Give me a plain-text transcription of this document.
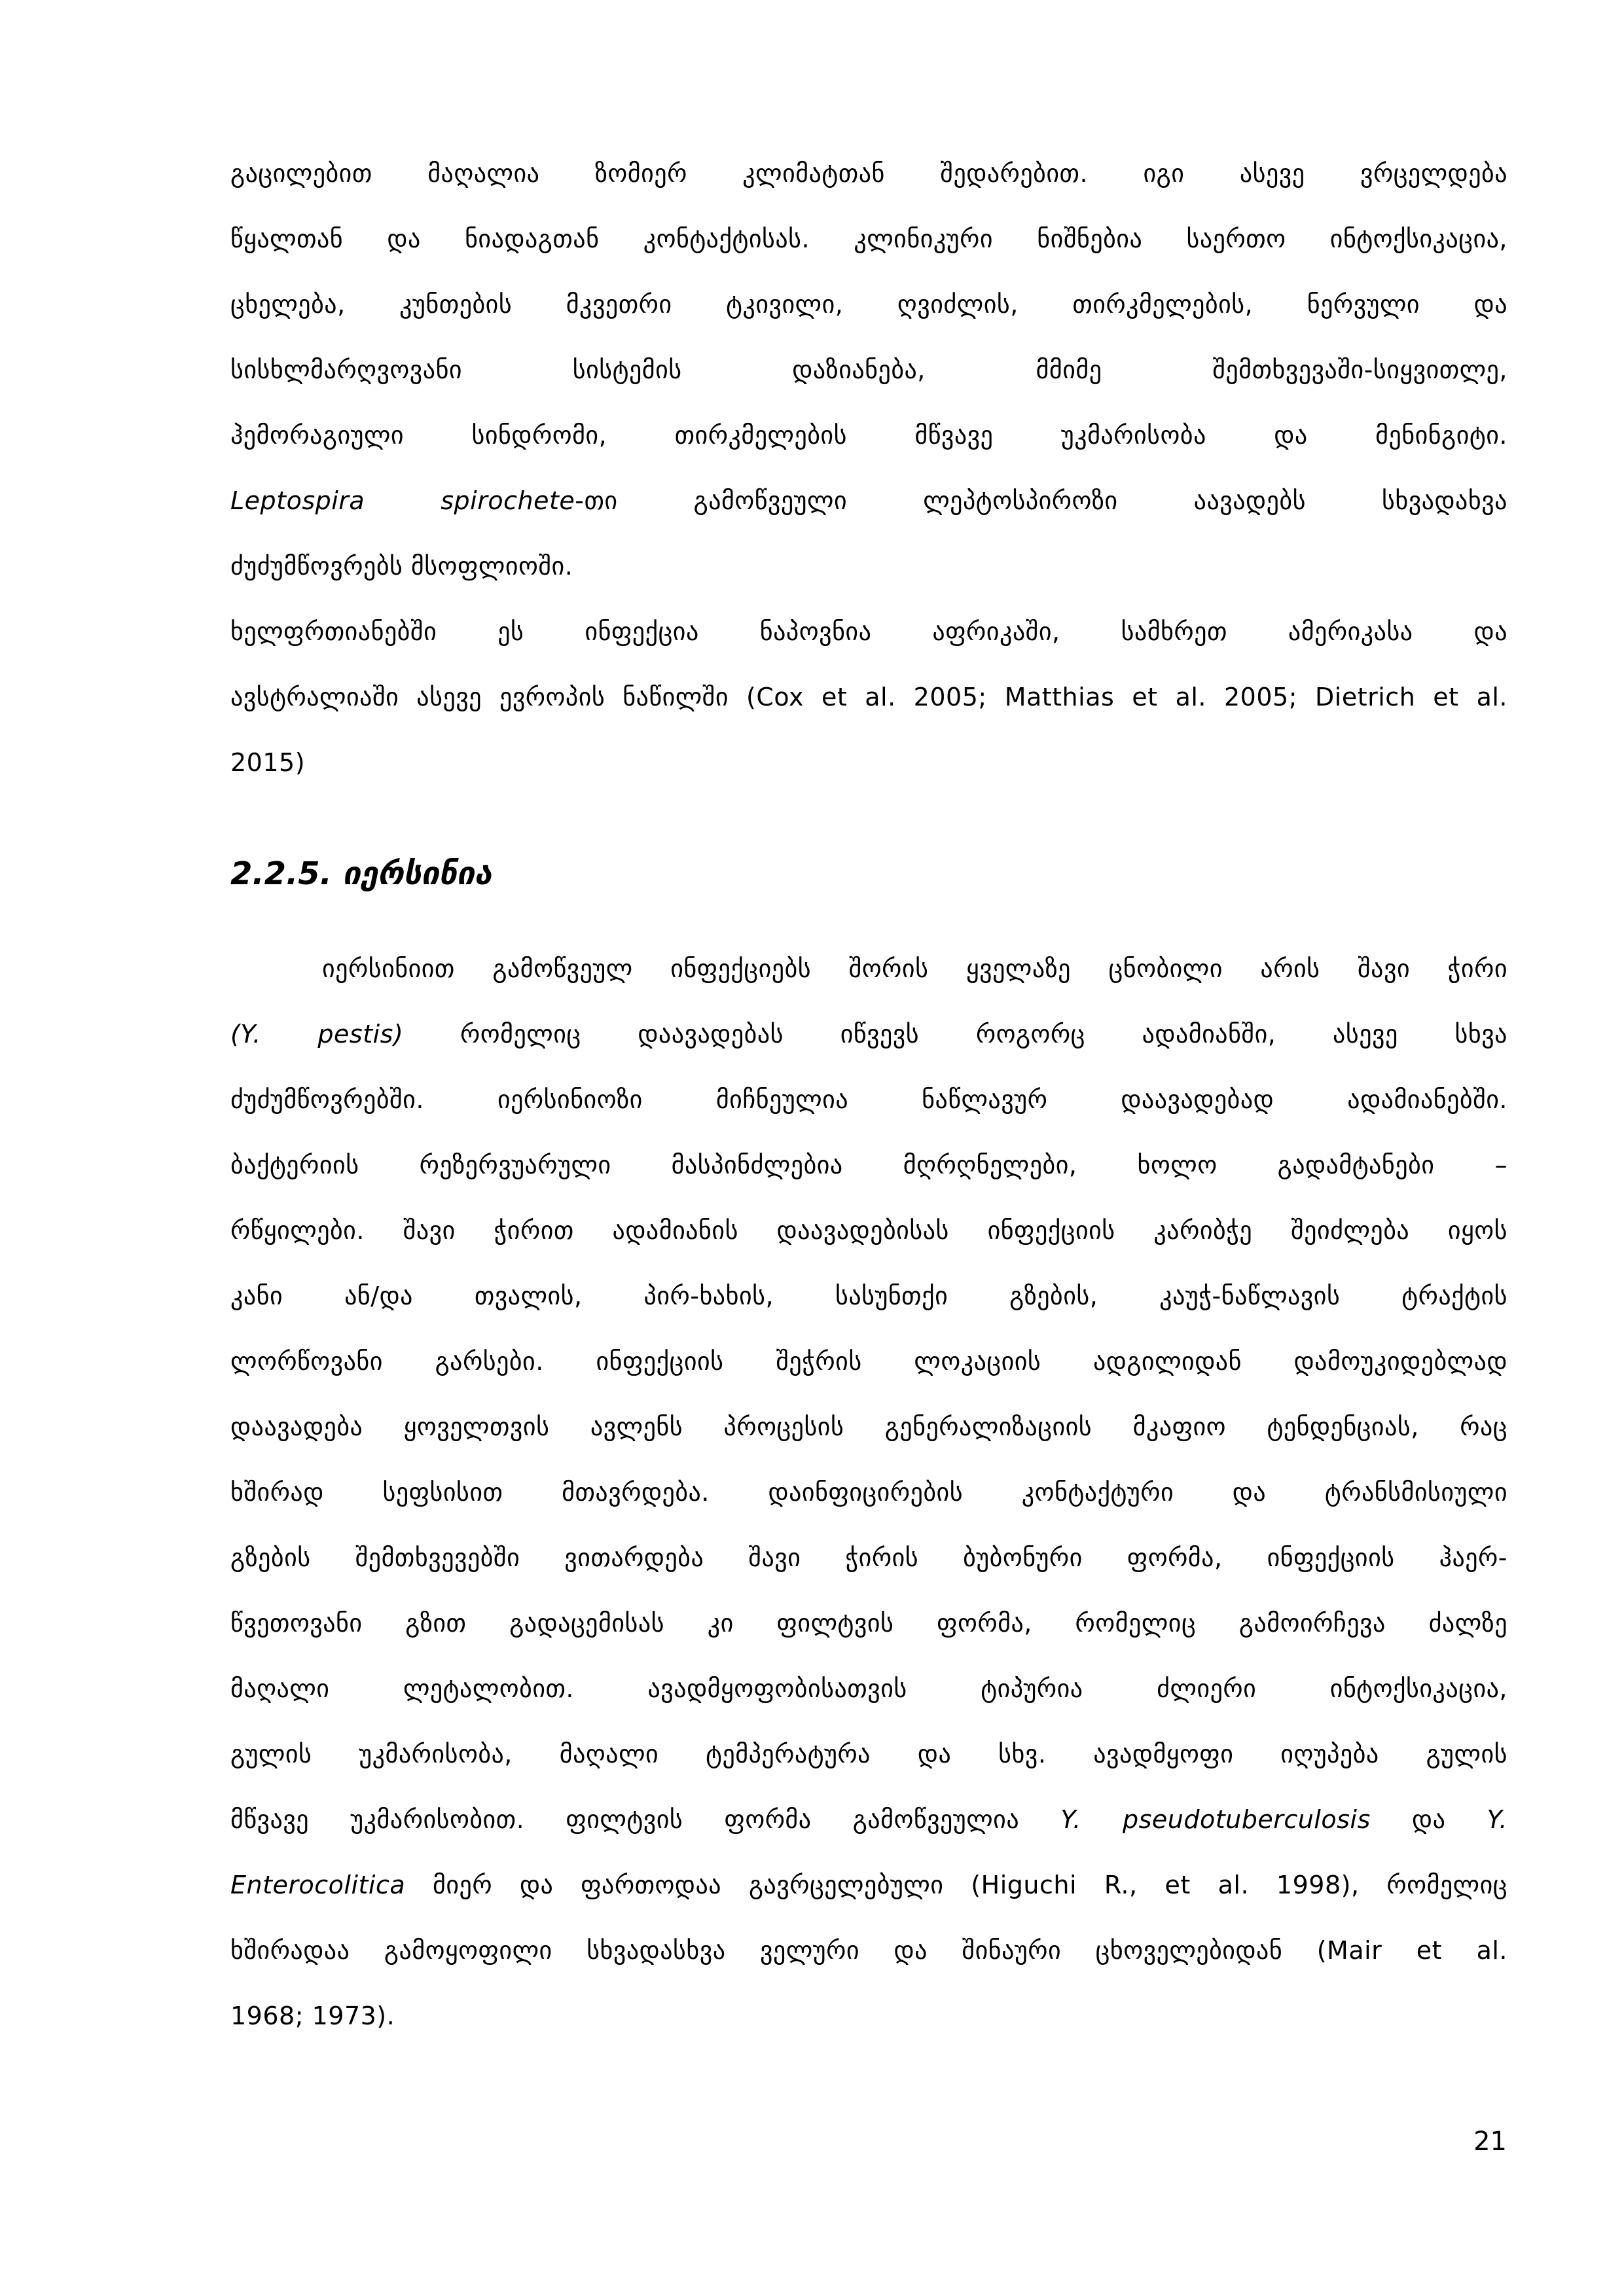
გაცილებით მაღალია ზომიერ კლიმატთან შედარებით. იგი ასევე ვრცელდება
წყალთან და ნიადაგთან კონტაქტისას. კლინიკური ნიშნებია საერთო ინტოქსიკაცია,
ცხელება, კუნთების მკვეთრი ტკივილი, ღვიძლის, თირკმელების, ნერვული და
სისხლმარღვოვანი სისტემის დაზიანება, მმიმე შემთხვევაში-სიყვითლე,
ჰემორაგიული სინდრომი, თირკმელების მწვავე უკმარისობა და მენინგიტი.
Leptospira spirochete-თი გამოწვეული ლეპტოსპიროზი აავადებს სხვადახვა
ძუძუმწოვრებს მსოფლიოში.
ხელფრთიანებში ეს ინფექცია ნაპოვნია აფრიკაში, სამხრეთ ამერიკასა და
ავსტრალიაში ასევე ევროპის ნაწილში (Cox et al. 2005; Matthias et al. 2005; Dietrich et al.
2015)
2.2.5. იერსინია
იერსინიით გამოწვეულ ინფექციებს შორის ყველაზე ცნობილი არის შავი ჭირი
(Y. pestis) რომელიც დაავადებას იწვევს როგორც ადამიანში, ასევე სხვა
ძუძუმწოვრებში. იერსინიოზი მიჩნეულია ნაწლავურ დაავადებად ადამიანებში.
ბაქტერიის რეზერვუარული მასპინძლებია მღრღნელები, ხოლო გადამტანები –
რწყილები. შავი ჭირით ადამიანის დაავადებისას ინფექციის კარიბჭე შეიძლება იყოს
კანი ან/და თვალის, პირ-ხახის, სასუნთქი გზების, კაუჭ-ნაწლავის ტრაქტის
ლორწოვანი გარსები. ინფექციის შეჭრის ლოკაციის ადგილიდან დამოუკიდებლად
დაავადება ყოველთვის ავლენს პროცესის გენერალიზაციის მკაფიო ტენდენციას, რაც
ხშირად სეფსისით მთავრდება. დაინფიცირების კონტაქტური და ტრანსმისიული
გზების შემთხვევებში ვითარდება შავი ჭირის ბუბონური ფორმა, ინფექციის ჰაერ-
წვეთოვანი გზით გადაცემისას კი ფილტვის ფორმა, რომელიც გამოირჩევა ძალზე
მაღალი ლეტალობით. ავადმყოფობისათვის ტიპურია ძლიერი ინტოქსიკაცია,
გულის უკმარისობა, მაღალი ტემპერატურა და სხვ. ავადმყოფი იღუპება გულის
მწვავე უკმარისობით. ფილტვის ფორმა გამოწვეულია Y. pseudotuberculosis და Y.
Enterocolitica მიერ და ფართოდაა გავრცელებული (Higuchi R., et al. 1998), რომელიც
ხშირადაა გამოყოფილი სხვადასხვა ველური და შინაური ცხოველებიდან (Mair et al.
1968; 1973).
21
